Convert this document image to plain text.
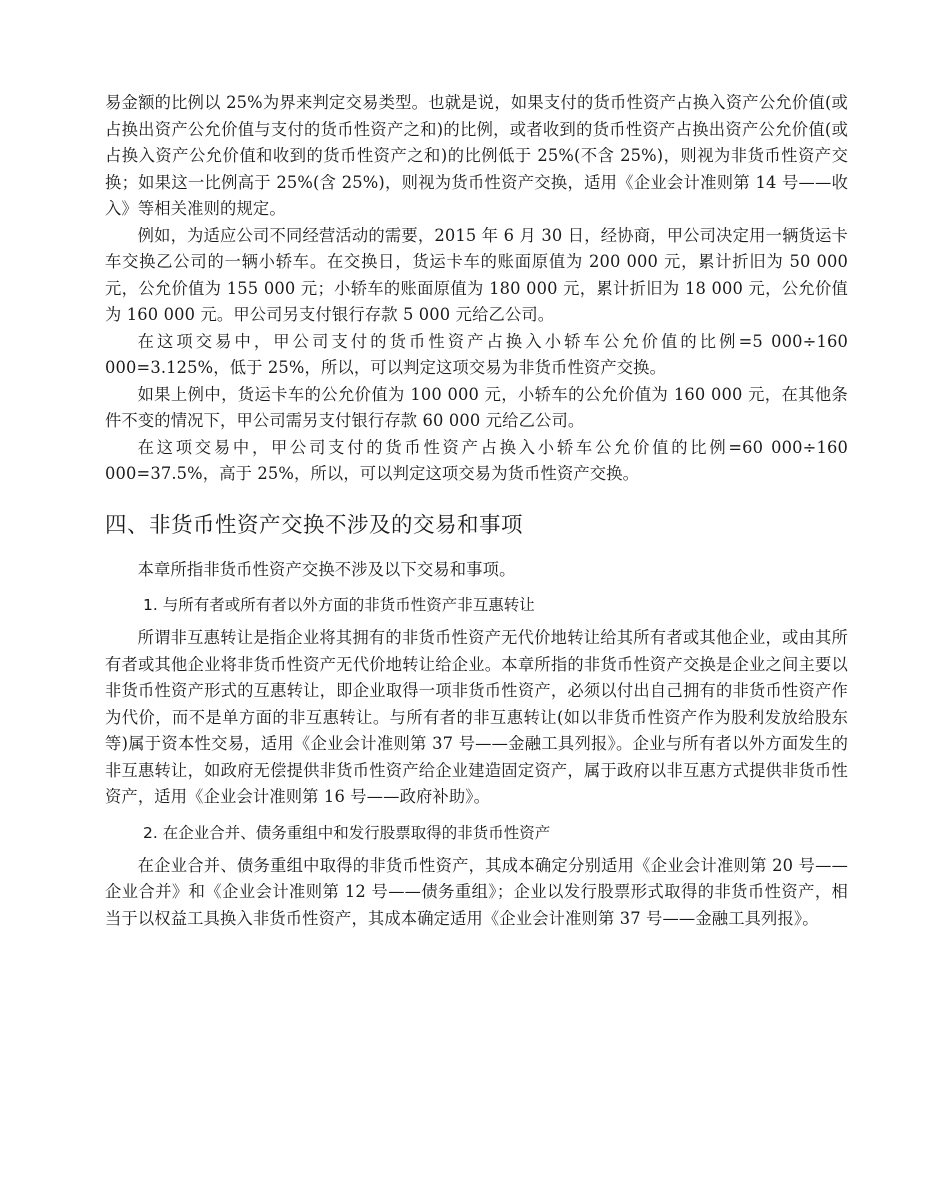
易金额的比例以 25%为界来判定交易类型。也就是说，如果支付的货币性资产占换入资产公允价值(或占换出资产公允价值与支付的货币性资产之和)的比例，或者收到的货币性资产占换出资产公允价值(或占换入资产公允价值和收到的货币性资产之和)的比例低于 25%(不含 25%)，则视为非货币性资产交换；如果这一比例高于 25%(含 25%)，则视为货币性资产交换，适用《企业会计准则第 14 号——收入》等相关准则的规定。

例如，为适应公司不同经营活动的需要，2015 年 6 月 30 日，经协商，甲公司决定用一辆货运卡车交换乙公司的一辆小轿车。在交换日，货运卡车的账面原值为 200 000 元，累计折旧为 50 000 元，公允价值为 155 000 元；小轿车的账面原值为 180 000 元，累计折旧为 18 000 元，公允价值为 160 000 元。甲公司另支付银行存款 5 000 元给乙公司。

在这项交易中，甲公司支付的货币性资产占换入小轿车公允价值的比例=5 000÷160 000=3.125%，低于 25%，所以，可以判定这项交易为非货币性资产交换。

如果上例中，货运卡车的公允价值为 100 000 元，小轿车的公允价值为 160 000 元，在其他条件不变的情况下，甲公司需另支付银行存款 60 000 元给乙公司。

在这项交易中，甲公司支付的货币性资产占换入小轿车公允价值的比例=60 000÷160 000=37.5%，高于 25%，所以，可以判定这项交易为货币性资产交换。

四、非货币性资产交换不涉及的交易和事项

本章所指非货币性资产交换不涉及以下交易和事项。

1. 与所有者或所有者以外方面的非货币性资产非互惠转让

所谓非互惠转让是指企业将其拥有的非货币性资产无代价地转让给其所有者或其他企业，或由其所有者或其他企业将非货币性资产无代价地转让给企业。本章所指的非货币性资产交换是企业之间主要以非货币性资产形式的互惠转让，即企业取得一项非货币性资产，必须以付出自己拥有的非货币性资产作为代价，而不是单方面的非互惠转让。与所有者的非互惠转让(如以非货币性资产作为股利发放给股东等)属于资本性交易，适用《企业会计准则第 37 号——金融工具列报》。企业与所有者以外方面发生的非互惠转让，如政府无偿提供非货币性资产给企业建造固定资产，属于政府以非互惠方式提供非货币性资产，适用《企业会计准则第 16 号——政府补助》。

2. 在企业合并、债务重组中和发行股票取得的非货币性资产

在企业合并、债务重组中取得的非货币性资产，其成本确定分别适用《企业会计准则第 20 号——企业合并》和《企业会计准则第 12 号——债务重组》；企业以发行股票形式取得的非货币性资产，相当于以权益工具换入非货币性资产，其成本确定适用《企业会计准则第 37 号——金融工具列报》。
